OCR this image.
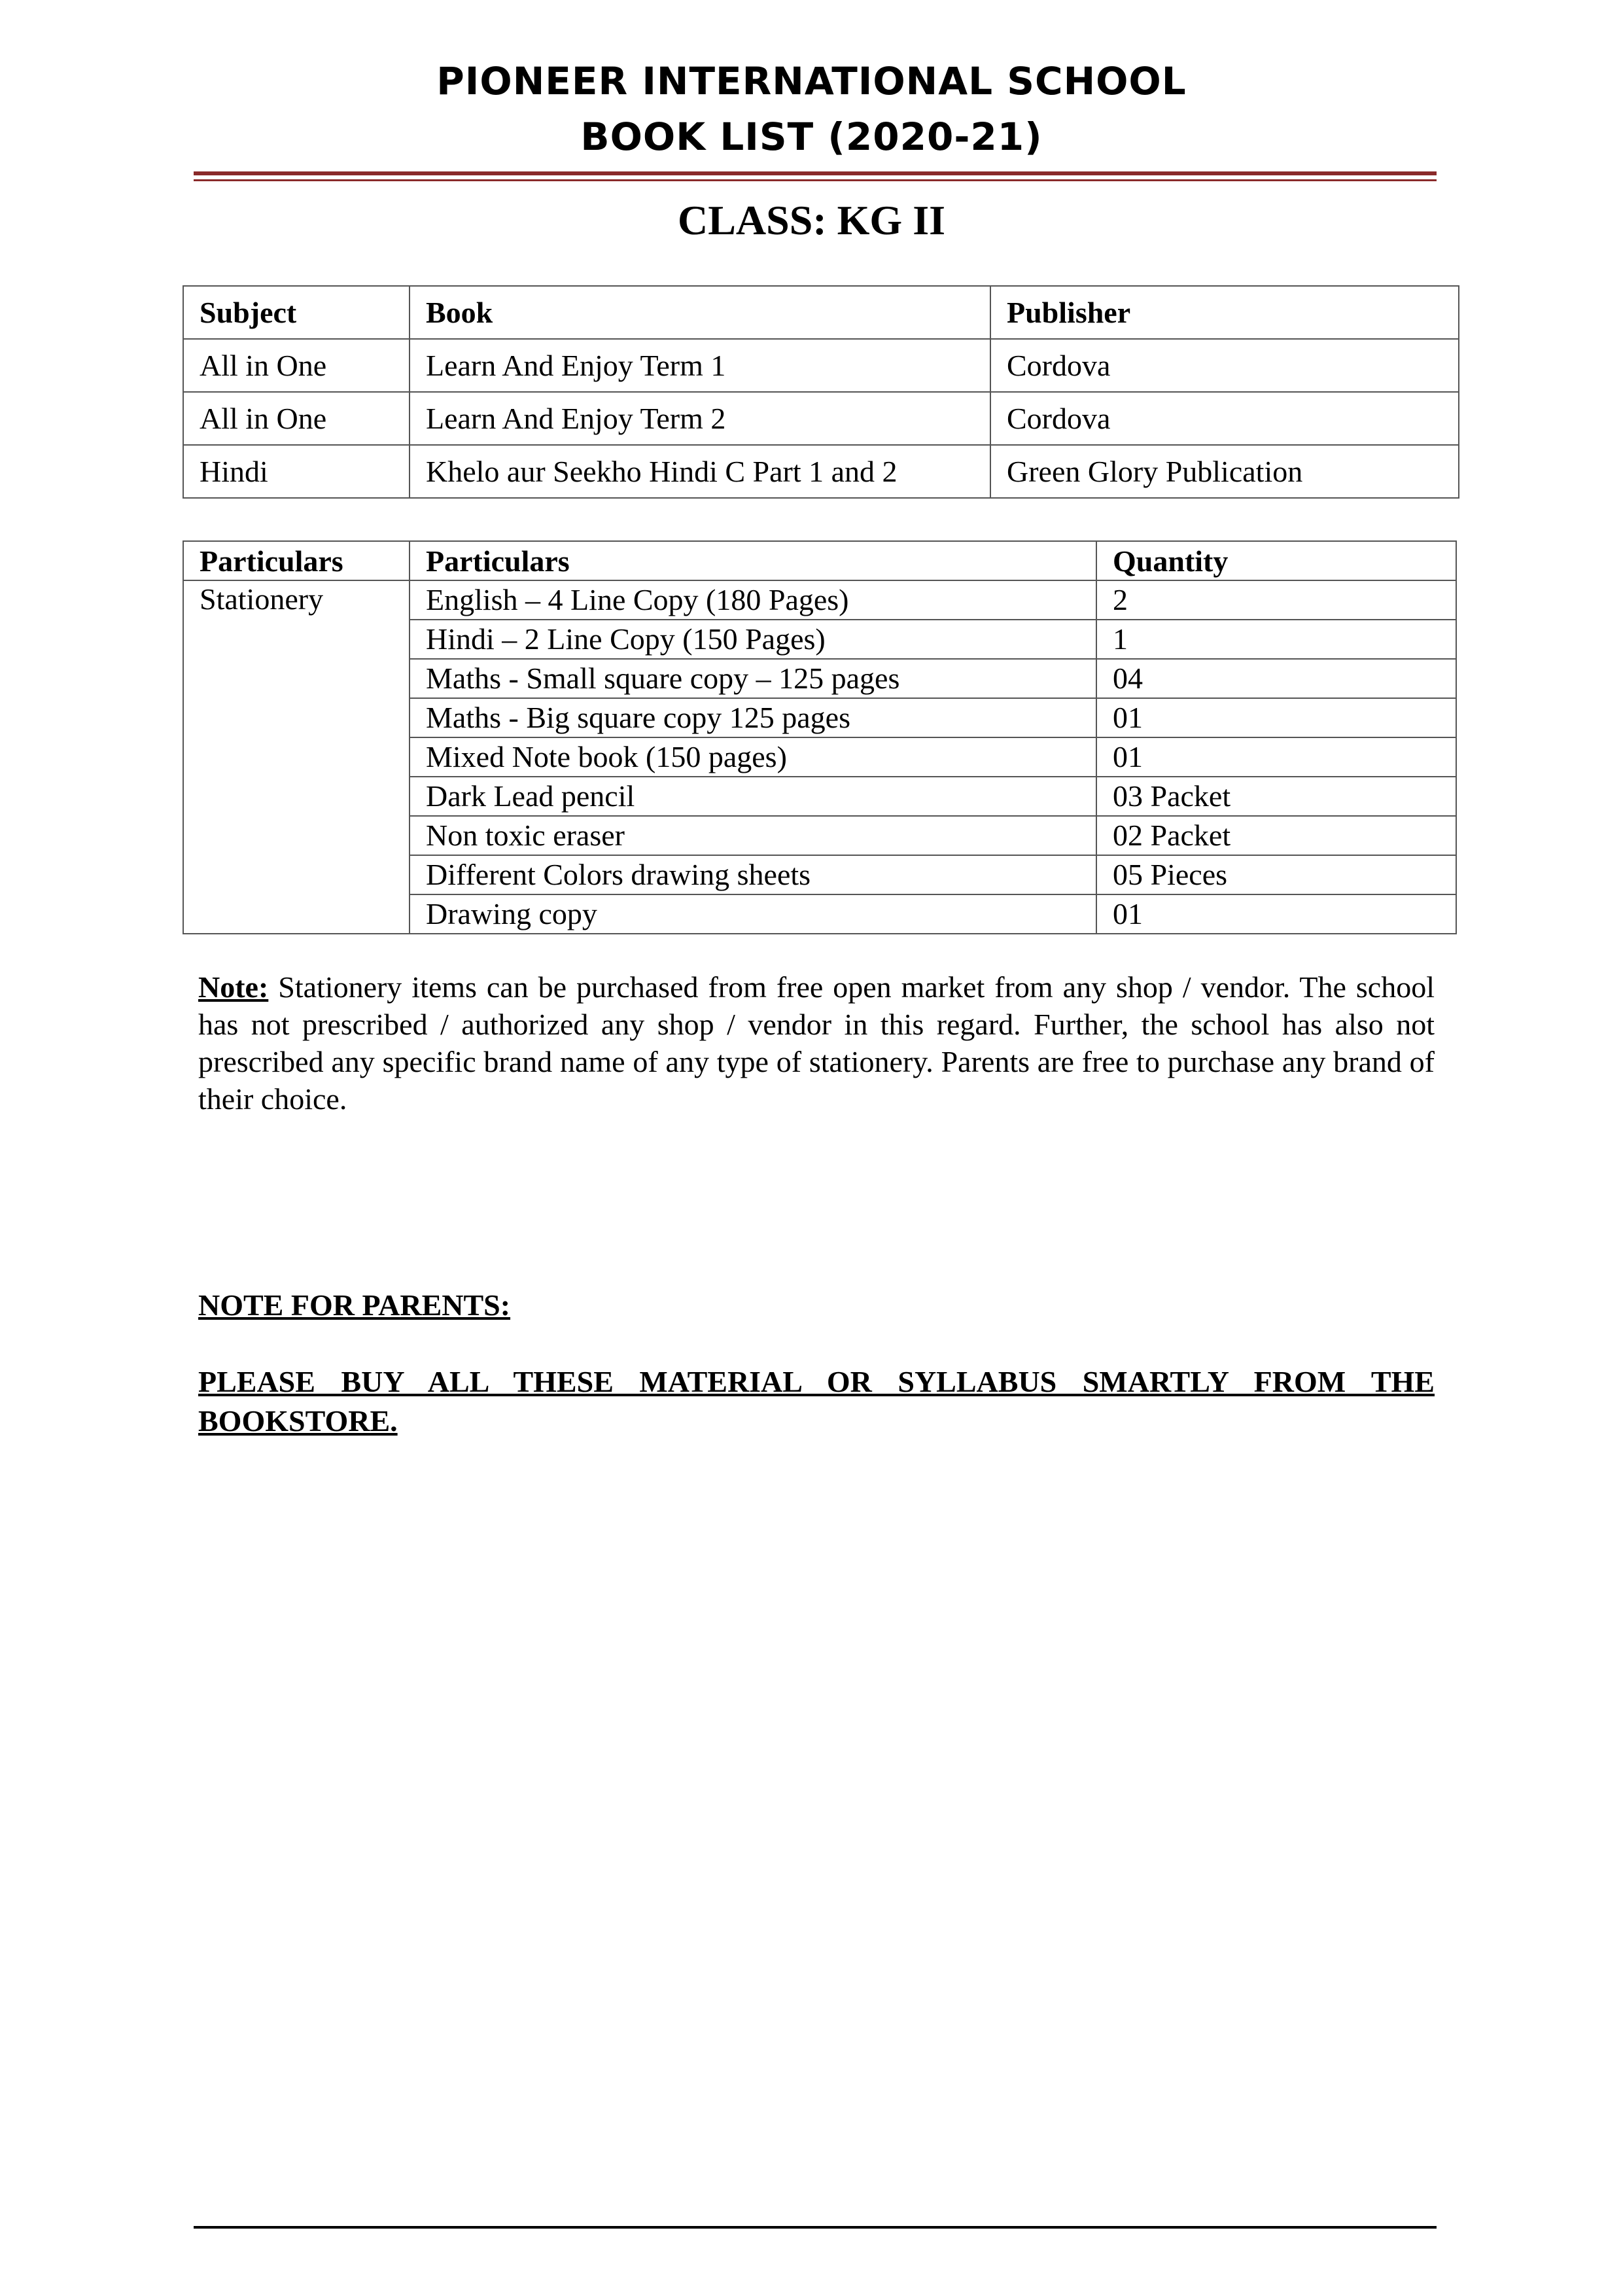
PIONEER INTERNATIONAL SCHOOL
BOOK LIST (2020-21)
CLASS: KG II
Subject	Book	Publisher
All in One	Learn And Enjoy Term 1	Cordova
All in One	Learn And Enjoy Term 2	Cordova
Hindi	Khelo aur Seekho Hindi C Part 1 and 2	Green Glory Publication
Particulars	Particulars	Quantity
Stationery	English – 4 Line Copy (180 Pages)	2
	Hindi – 2 Line Copy (150 Pages)	1
	Maths - Small square copy – 125 pages	04
	Maths - Big square copy 125 pages	01
	Mixed Note book (150 pages)	01
	Dark Lead pencil	03 Packet
	Non toxic eraser	02 Packet
	Different Colors drawing sheets	05 Pieces
	Drawing copy	01
Note: Stationery items can be purchased from free open market from any shop / vendor. The school has not prescribed / authorized any shop / vendor in this regard. Further, the school has also not prescribed any specific brand name of any type of stationery. Parents are free to purchase any brand of their choice.
NOTE FOR PARENTS:
PLEASE BUY ALL THESE MATERIAL OR SYLLABUS SMARTLY FROM THE BOOKSTORE.
